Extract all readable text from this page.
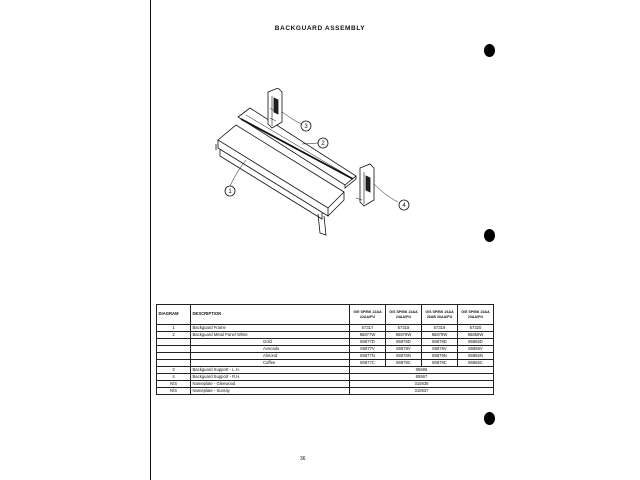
BACKGUARD ASSEMBLY
3
2
1
4
DIAGRAM	DESCRIPTION	G/E SP/BK 22AA 22AA/PU	G/S SP/BK 24AA 24AA/PU	G/S SP/BK 26AA 26AB 26AA/PU	G/E SP/BK 23AA 23AA/PU
1	Backguard Frame	57317	57318	57319	57320
2	Backguard Metal Panel White	86877W	86878W	86879W	86856W
	Gold	86877D	86878D	86879D	86856D
	Avocado	86877V	86878V	86879V	86856V
	Almond	86877N	86878N	86879N	86856N
	Coffee	86877C	86878C	86879C	86856C
3	Backguard Support - L.H.	85686			
4	Backguard Support - R.H.	85567			
N/S	Nameplate - Glenwood	310838			
N/S	Nameplate - Sunray	310837			
36
